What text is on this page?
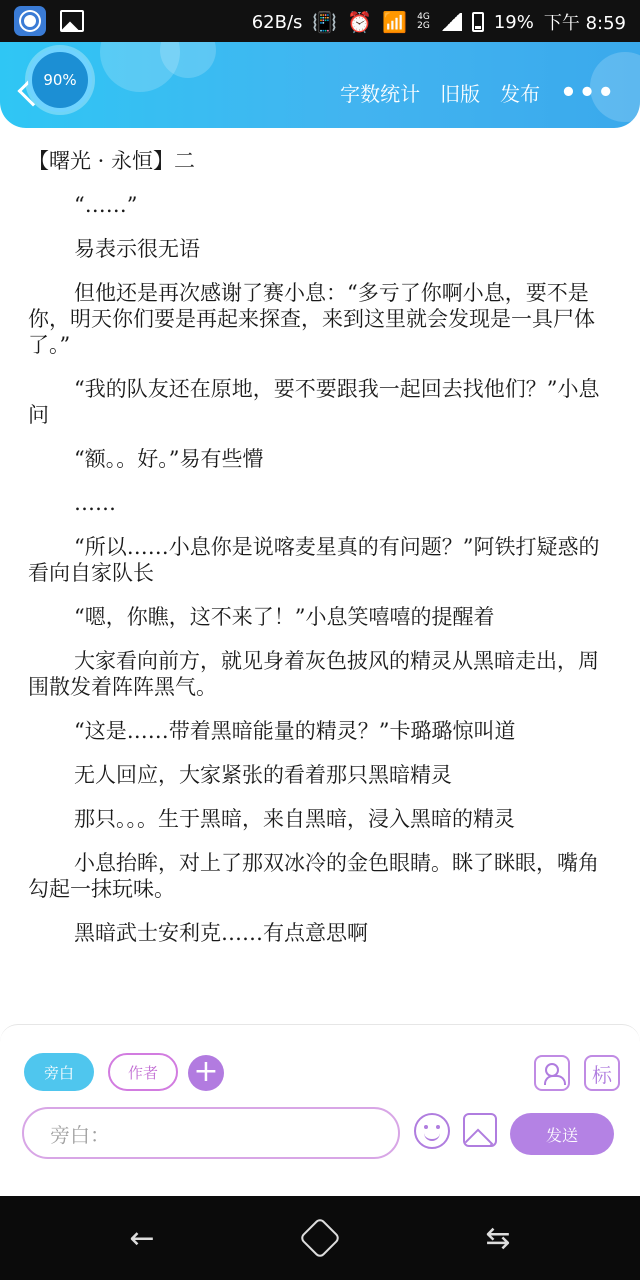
62B/s 📳 ⏰ 📶 4G
2G	19% 下午 8:59
90%
字数统计 旧版 发布 •••
【曙光 · 永恒】二
“……”
易表示很无语
但他还是再次感谢了赛小息：“多亏了你啊小息，要不是你，明天你们要是再起来探查，来到这里就会发现是一具尸体了。”
“我的队友还在原地，要不要跟我一起回去找他们？”小息问
“额。。好。”易有些懵
……
“所以……小息你是说喀麦星真的有问题？”阿铁打疑惑的看向自家队长
“嗯，你瞧，这不来了！”小息笑嘻嘻的提醒着
大家看向前方，就见身着灰色披风的精灵从黑暗走出，周围散发着阵阵黑气。
“这是……带着黑暗能量的精灵？”卡璐璐惊叫道
无人回应，大家紧张的看着那只黑暗精灵
那只。。。生于黑暗，来自黑暗，浸入黑暗的精灵
小息抬眸，对上了那双冰冷的金色眼睛。眯了眯眼，嘴角勾起一抹玩味。
黑暗武士安利克……有点意思啊
旁白	作者	+	标
旁白：	发送
←	⇆
